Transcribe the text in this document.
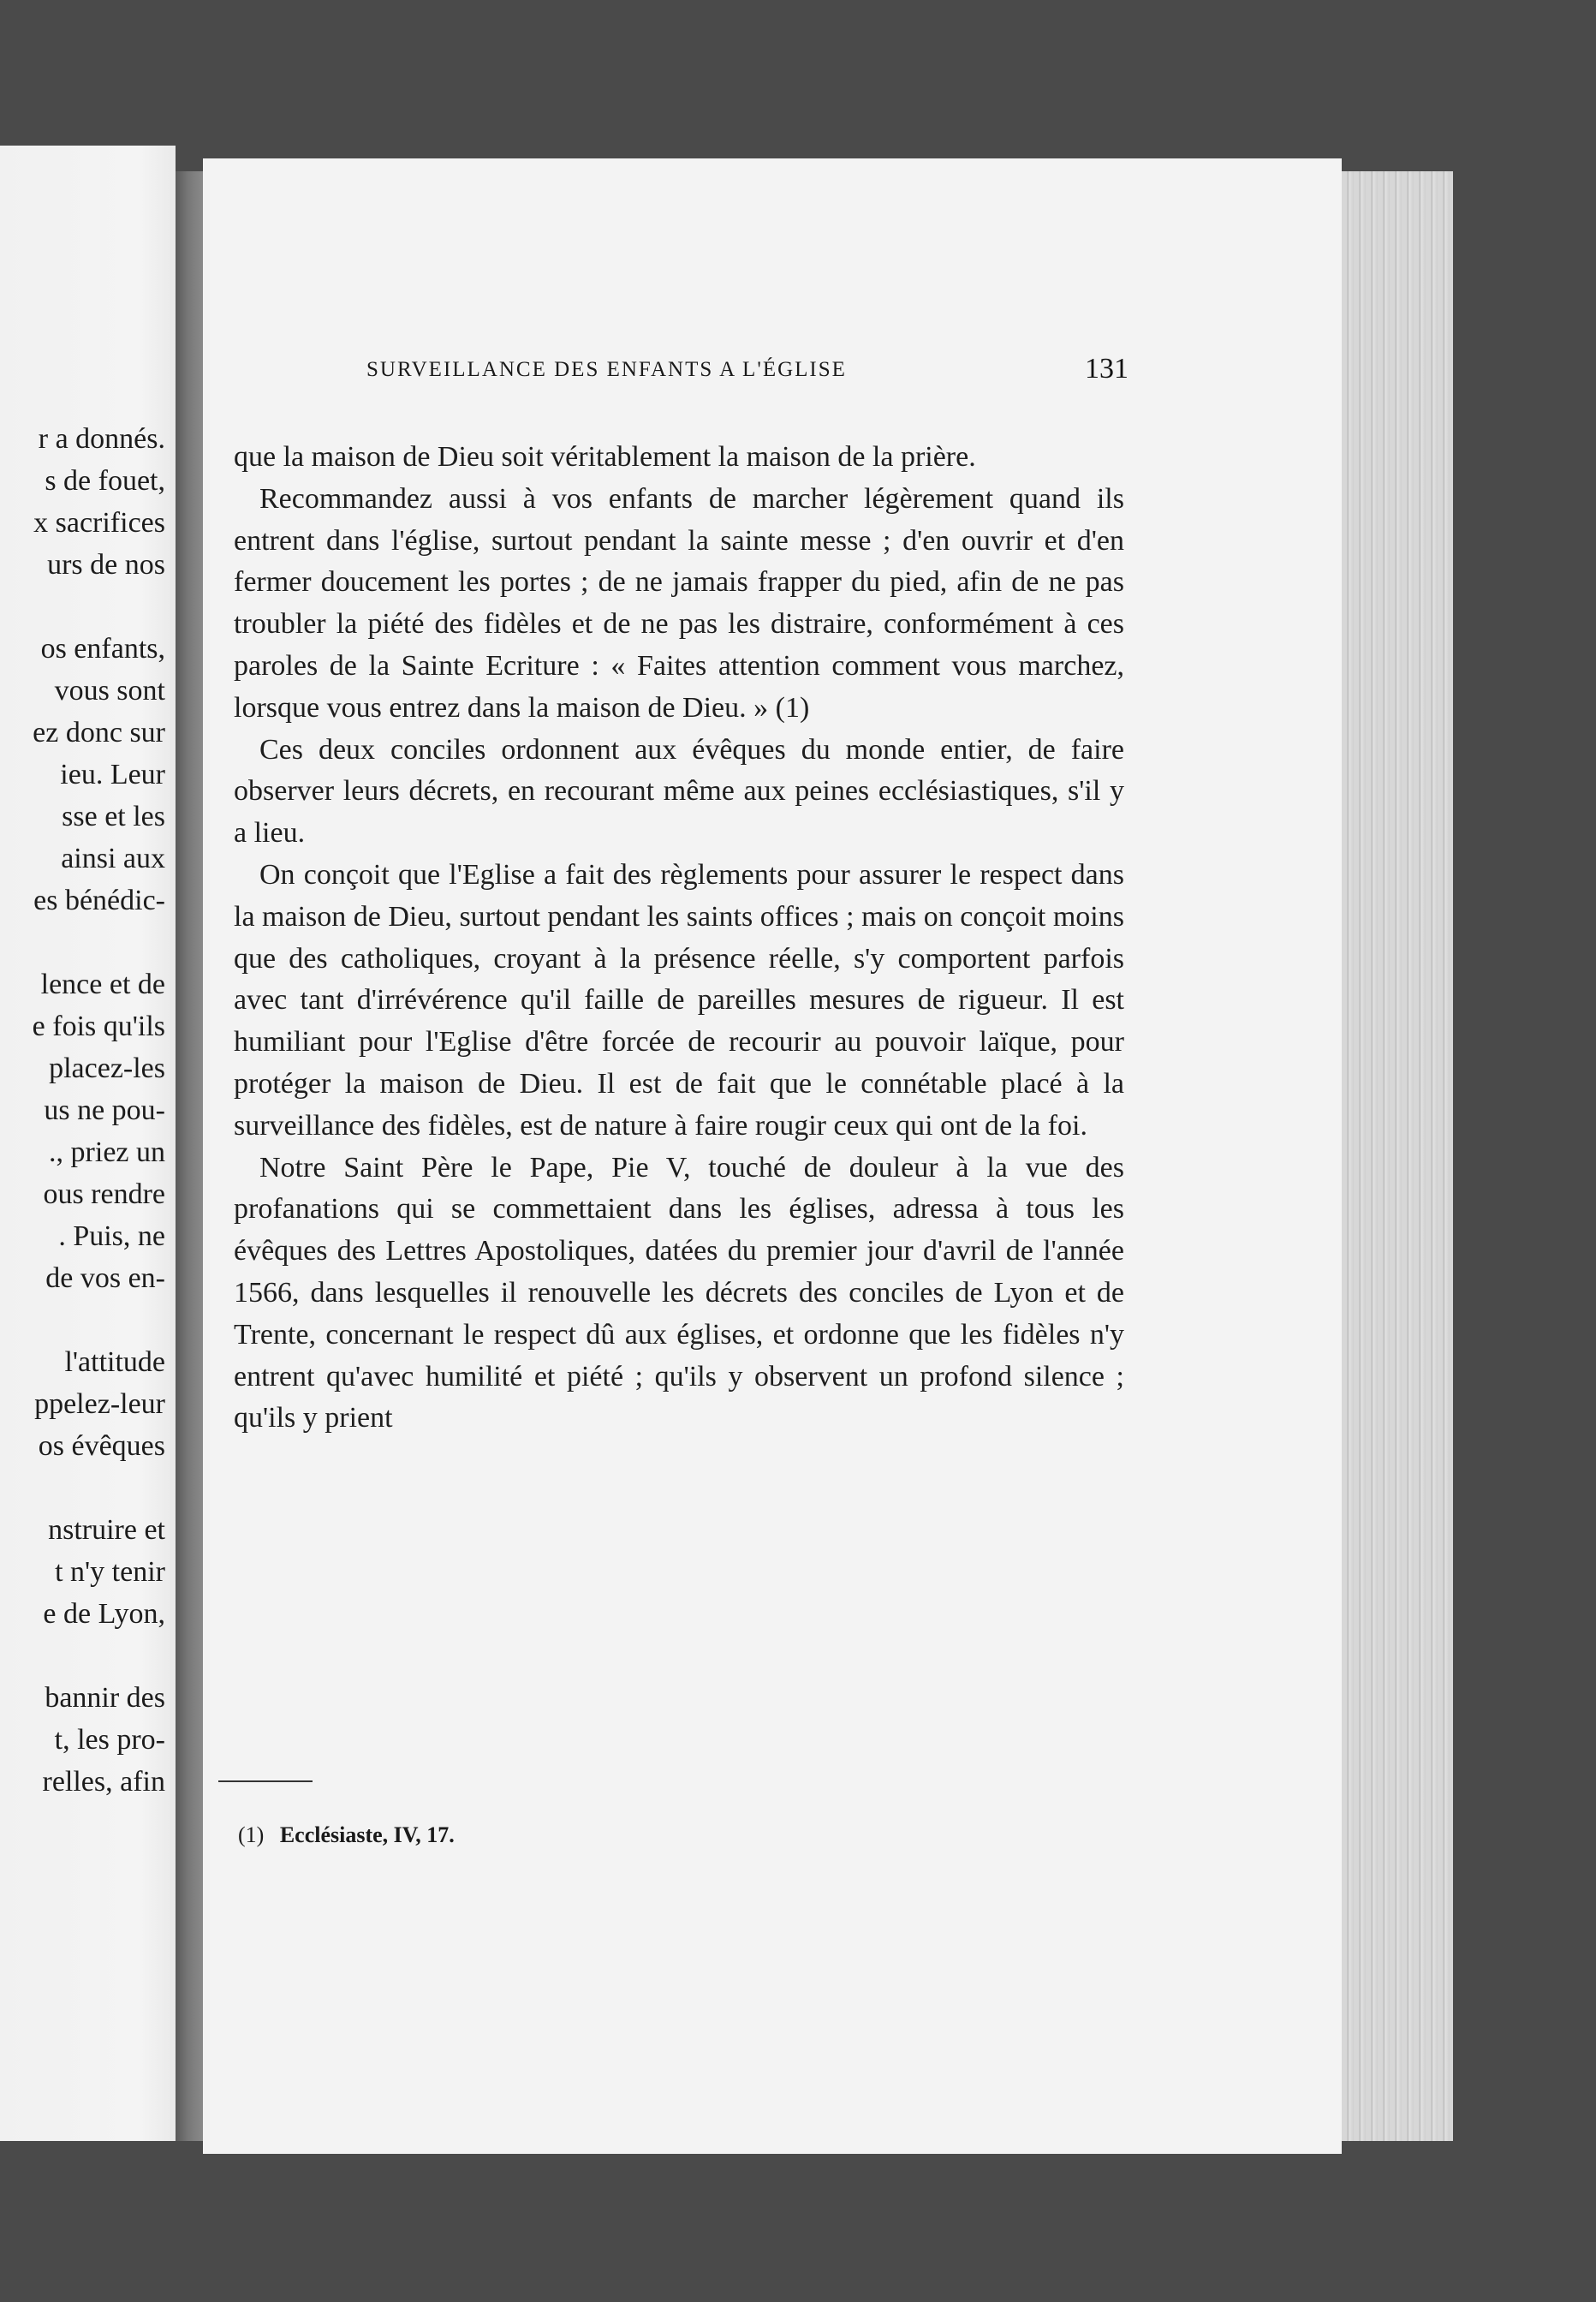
r a donnés.
s de fouet,
x sacrifices
urs de nos
os enfants,
vous sont
ez donc sur
ieu. Leur
sse et les
ainsi aux
es bénédic-
lence et de
e fois qu'ils
placez-les
us ne pou-
., priez un
ous rendre
. Puis, ne
de vos en-
l'attitude
ppelez-leur
os évêques
nstruire et
t n'y tenir
e de Lyon,
bannir des
t, les pro-
relles, afin
SURVEILLANCE DES ENFANTS A L'ÉGLISE	131

que la maison de Dieu soit véritablement la maison de la prière.

Recommandez aussi à vos enfants de marcher légèrement quand ils entrent dans l'église, surtout pendant la sainte messe ; d'en ouvrir et d'en fermer doucement les portes ; de ne jamais frapper du pied, afin de ne pas troubler la piété des fidèles et de ne pas les distraire, conformément à ces paroles de la Sainte Ecriture : « Faites attention comment vous marchez, lorsque vous entrez dans la maison de Dieu. » (1)

Ces deux conciles ordonnent aux évêques du monde entier, de faire observer leurs décrets, en recourant même aux peines ecclésiastiques, s'il y a lieu.

On conçoit que l'Eglise a fait des règlements pour assurer le respect dans la maison de Dieu, surtout pendant les saints offices ; mais on conçoit moins que des catholiques, croyant à la présence réelle, s'y comportent parfois avec tant d'irrévérence qu'il faille de pareilles mesures de rigueur. Il est humiliant pour l'Eglise d'être forcée de recourir au pouvoir laïque, pour protéger la maison de Dieu. Il est de fait que le connétable placé à la surveillance des fidèles, est de nature à faire rougir ceux qui ont de la foi.

Notre Saint Père le Pape, Pie V, touché de douleur à la vue des profanations qui se commettaient dans les églises, adressa à tous les évêques des Lettres Apostoliques, datées du premier jour d'avril de l'année 1566, dans lesquelles il renouvelle les décrets des conciles de Lyon et de Trente, concernant le respect dû aux églises, et ordonne que les fidèles n'y entrent qu'avec humilité et piété ; qu'ils y observent un profond silence ; qu'ils y prient

(1) Ecclésiaste, IV, 17.
